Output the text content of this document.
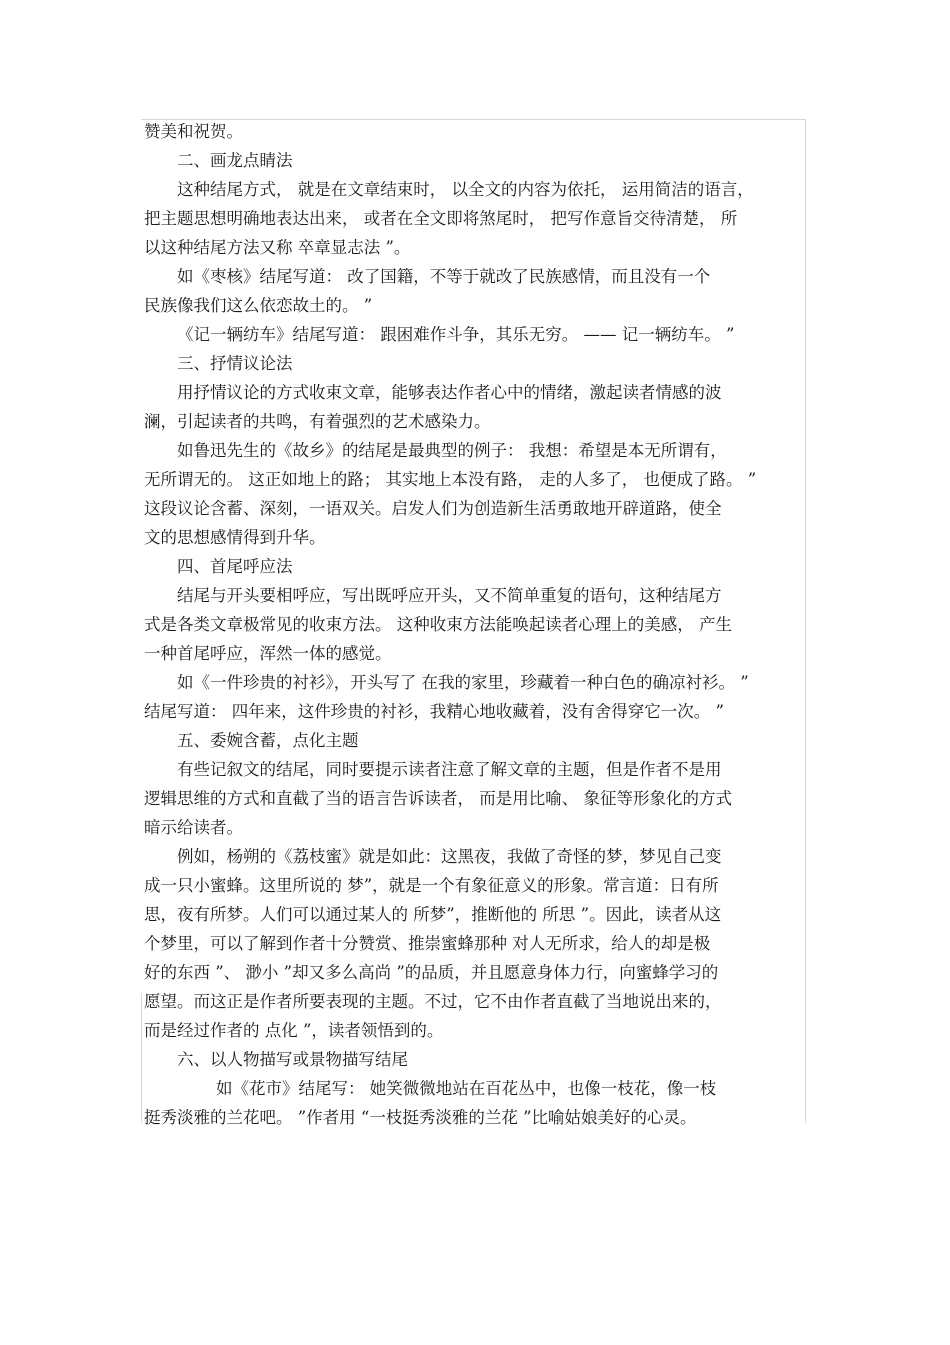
赞美和祝贺。
二、画龙点睛法
这种结尾方式， 就是在文章结束时， 以全文的内容为依托， 运用简洁的语言，
把主题思想明确地表达出来， 或者在全文即将煞尾时， 把写作意旨交待清楚， 所
以这种结尾方法又称 卒章显志法 ”。
如《枣核》结尾写道： 改了国籍，不等于就改了民族感情，而且没有一个
民族像我们这么依恋故土的。 ”
《记一辆纺车》结尾写道： 跟困难作斗争，其乐无穷。 —— 记一辆纺车。 ”
三、抒情议论法
用抒情议论的方式收束文章，能够表达作者心中的情绪，激起读者情感的波
澜，引起读者的共鸣，有着强烈的艺术感染力。
如鲁迅先生的《故乡》的结尾是最典型的例子： 我想：希望是本无所谓有，
无所谓无的。 这正如地上的路； 其实地上本没有路， 走的人多了， 也便成了路。 ”
这段议论含蓄、深刻，一语双关。启发人们为创造新生活勇敢地开辟道路，使全
文的思想感情得到升华。
四、首尾呼应法
结尾与开头要相呼应，写出既呼应开头，又不简单重复的语句，这种结尾方
式是各类文章极常见的收束方法。 这种收束方法能唤起读者心理上的美感， 产生
一种首尾呼应，浑然一体的感觉。
如《一件珍贵的衬衫》，开头写了 在我的家里，珍藏着一种白色的确凉衬衫。 ”
结尾写道： 四年来，这件珍贵的衬衫，我精心地收藏着，没有舍得穿它一次。 ”
五、委婉含蓄，点化主题
有些记叙文的结尾，同时要提示读者注意了解文章的主题，但是作者不是用
逻辑思维的方式和直截了当的语言告诉读者， 而是用比喻、 象征等形象化的方式
暗示给读者。
例如，杨朔的《荔枝蜜》就是如此：这黑夜，我做了奇怪的梦，梦见自己变
成一只小蜜蜂。这里所说的 梦”，就是一个有象征意义的形象。常言道：日有所
思，夜有所梦。人们可以通过某人的 所梦”，推断他的 所思 ”。因此，读者从这
个梦里，可以了解到作者十分赞赏、推崇蜜蜂那种 对人无所求，给人的却是极
好的东西 ”、 渺小 ”却又多么高尚 ”的品质，并且愿意身体力行，向蜜蜂学习的
愿望。而这正是作者所要表现的主题。不过，它不由作者直截了当地说出来的，
而是经过作者的 点化 ”，读者领悟到的。
六、以人物描写或景物描写结尾
如《花市》结尾写： 她笑微微地站在百花丛中，也像一枝花，像一枝
挺秀淡雅的兰花吧。 ”作者用 “一枝挺秀淡雅的兰花 ”比喻姑娘美好的心灵。
